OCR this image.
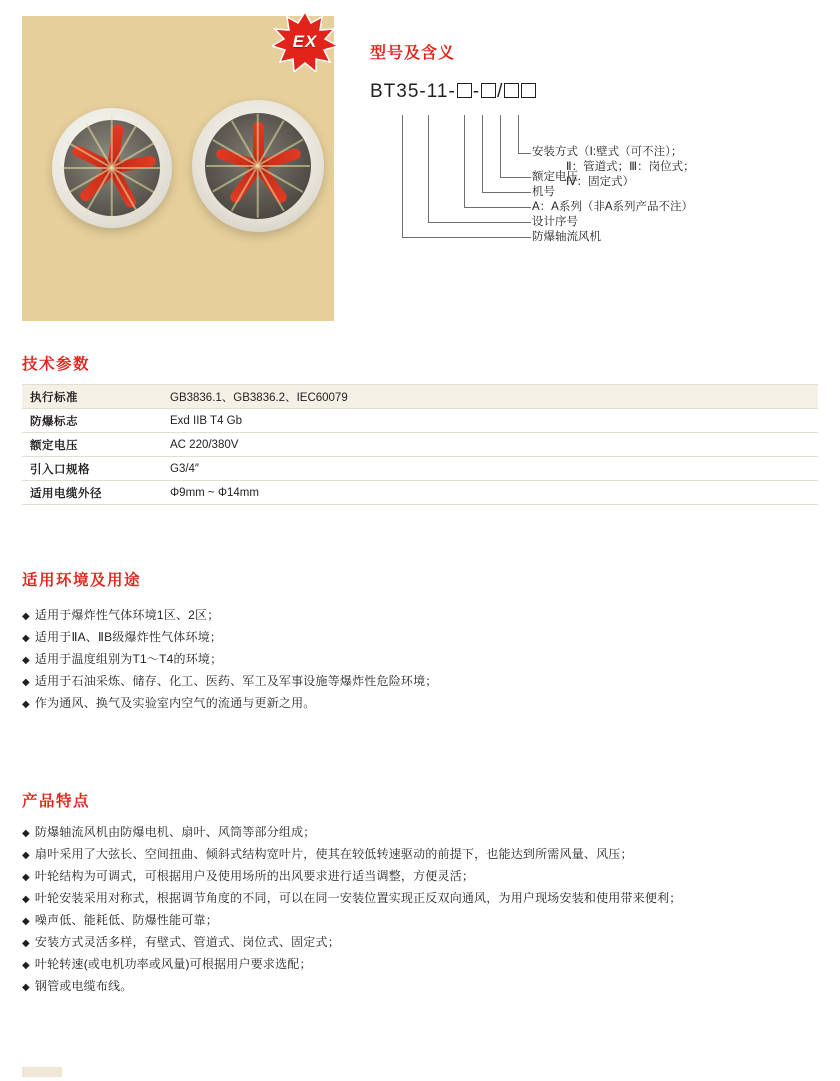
EX
型号及含义
BT35-11- - /
安装方式（Ⅰ:壁式（可不注）；
Ⅱ：管道式；Ⅲ：岗位式；
Ⅳ：固定式）
额定电压
机号
A：A系列（非A系列产品不注）
设计序号
防爆轴流风机
技术参数
执行标准	GB3836.1、GB3836.2、IEC60079
防爆标志	Exd IIB T4 Gb
额定电压	AC 220/380V
引入口规格	G3/4″
适用电缆外径	Φ9mm ~ Φ14mm
适用环境及用途
◆ 适用于爆炸性气体环境1区、2区；
◆ 适用于ⅡA、ⅡB级爆炸性气体环境；
◆ 适用于温度组别为T1～T4的环境；
◆ 适用于石油采炼、储存、化工、医药、军工及军事设施等爆炸性危险环境；
◆ 作为通风、换气及实验室内空气的流通与更新之用。
产品特点
◆ 防爆轴流风机由防爆电机、扇叶、风筒等部分组成；
◆ 扇叶采用了大弦长、空间扭曲、倾斜式结构宽叶片，使其在较低转速驱动的前提下，也能达到所需风量、风压；
◆ 叶轮结构为可调式，可根据用户及使用场所的出风要求进行适当调整，方便灵活；
◆ 叶轮安装采用对称式，根据调节角度的不同，可以在同一安装位置实现正反双向通风，为用户现场安装和使用带来便利；
◆ 噪声低、能耗低、防爆性能可靠；
◆ 安装方式灵活多样，有壁式、管道式、岗位式、固定式；
◆ 叶轮转速(或电机功率或风量)可根据用户要求选配；
◆ 钢管或电缆布线。
